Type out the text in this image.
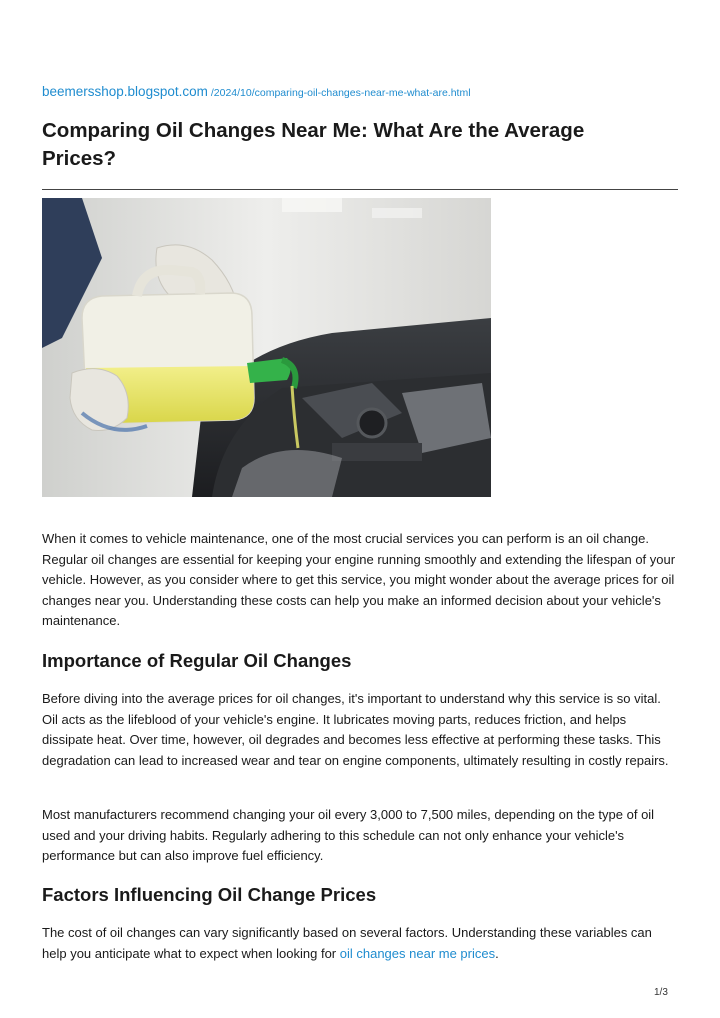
beemersshop.blogspot.com /2024/10/comparing-oil-changes-near-me-what-are.html
Comparing Oil Changes Near Me: What Are the Average Prices?

When it comes to vehicle maintenance, one of the most crucial services you can perform is an oil change. Regular oil changes are essential for keeping your engine running smoothly and extending the lifespan of your vehicle. However, as you consider where to get this service, you might wonder about the average prices for oil changes near you. Understanding these costs can help you make an informed decision about your vehicle's maintenance.

Importance of Regular Oil Changes

Before diving into the average prices for oil changes, it's important to understand why this service is so vital. Oil acts as the lifeblood of your vehicle's engine. It lubricates moving parts, reduces friction, and helps dissipate heat. Over time, however, oil degrades and becomes less effective at performing these tasks. This degradation can lead to increased wear and tear on engine components, ultimately resulting in costly repairs.

Most manufacturers recommend changing your oil every 3,000 to 7,500 miles, depending on the type of oil used and your driving habits. Regularly adhering to this schedule can not only enhance your vehicle's performance but can also improve fuel efficiency.

Factors Influencing Oil Change Prices

The cost of oil changes can vary significantly based on several factors. Understanding these variables can help you anticipate what to expect when looking for oil changes near me prices.

1/3
